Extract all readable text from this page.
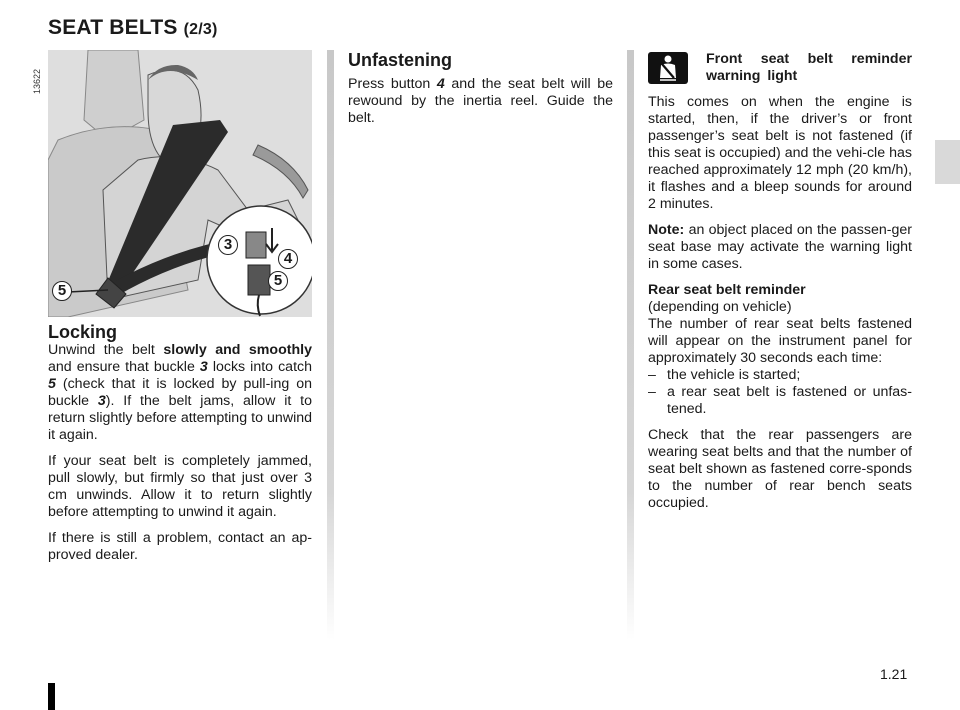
SEAT BELTS (2/3)
13622
3
4
5
5
Locking

Unwind the belt slowly and smoothly and ensure that buckle 3 locks into catch 5 (check that it is locked by pull-ing on buckle 3). If the belt jams, allow it to return slightly before attempting to unwind it again.

If your seat belt is completely jammed, pull slowly, but firmly so that just over 3 cm unwinds. Allow it to return slightly before attempting to unwind it again.

If there is still a problem, contact an ap-proved dealer.

Unfastening

Press button 4 and the seat belt will be rewound by the inertia reel. Guide the belt.

Front seat belt reminder warning light

This comes on when the engine is started, then, if the driver’s or front passenger’s seat belt is not fastened (if this seat is occupied) and the vehi-cle has reached approximately 12 mph (20 km/h), it flashes and a bleep sounds for around 2 minutes.

Note: an object placed on the passen-ger seat base may activate the warning light in some cases.

Rear seat belt reminder
(depending on vehicle)
The number of rear seat belts fastened will appear on the instrument panel for approximately 30 seconds each time:
– the vehicle is started;
– a rear seat belt is fastened or unfas-tened.

Check that the rear passengers are wearing seat belts and that the number of seat belt shown as fastened corre-sponds to the number of rear bench seats occupied.

1.21
